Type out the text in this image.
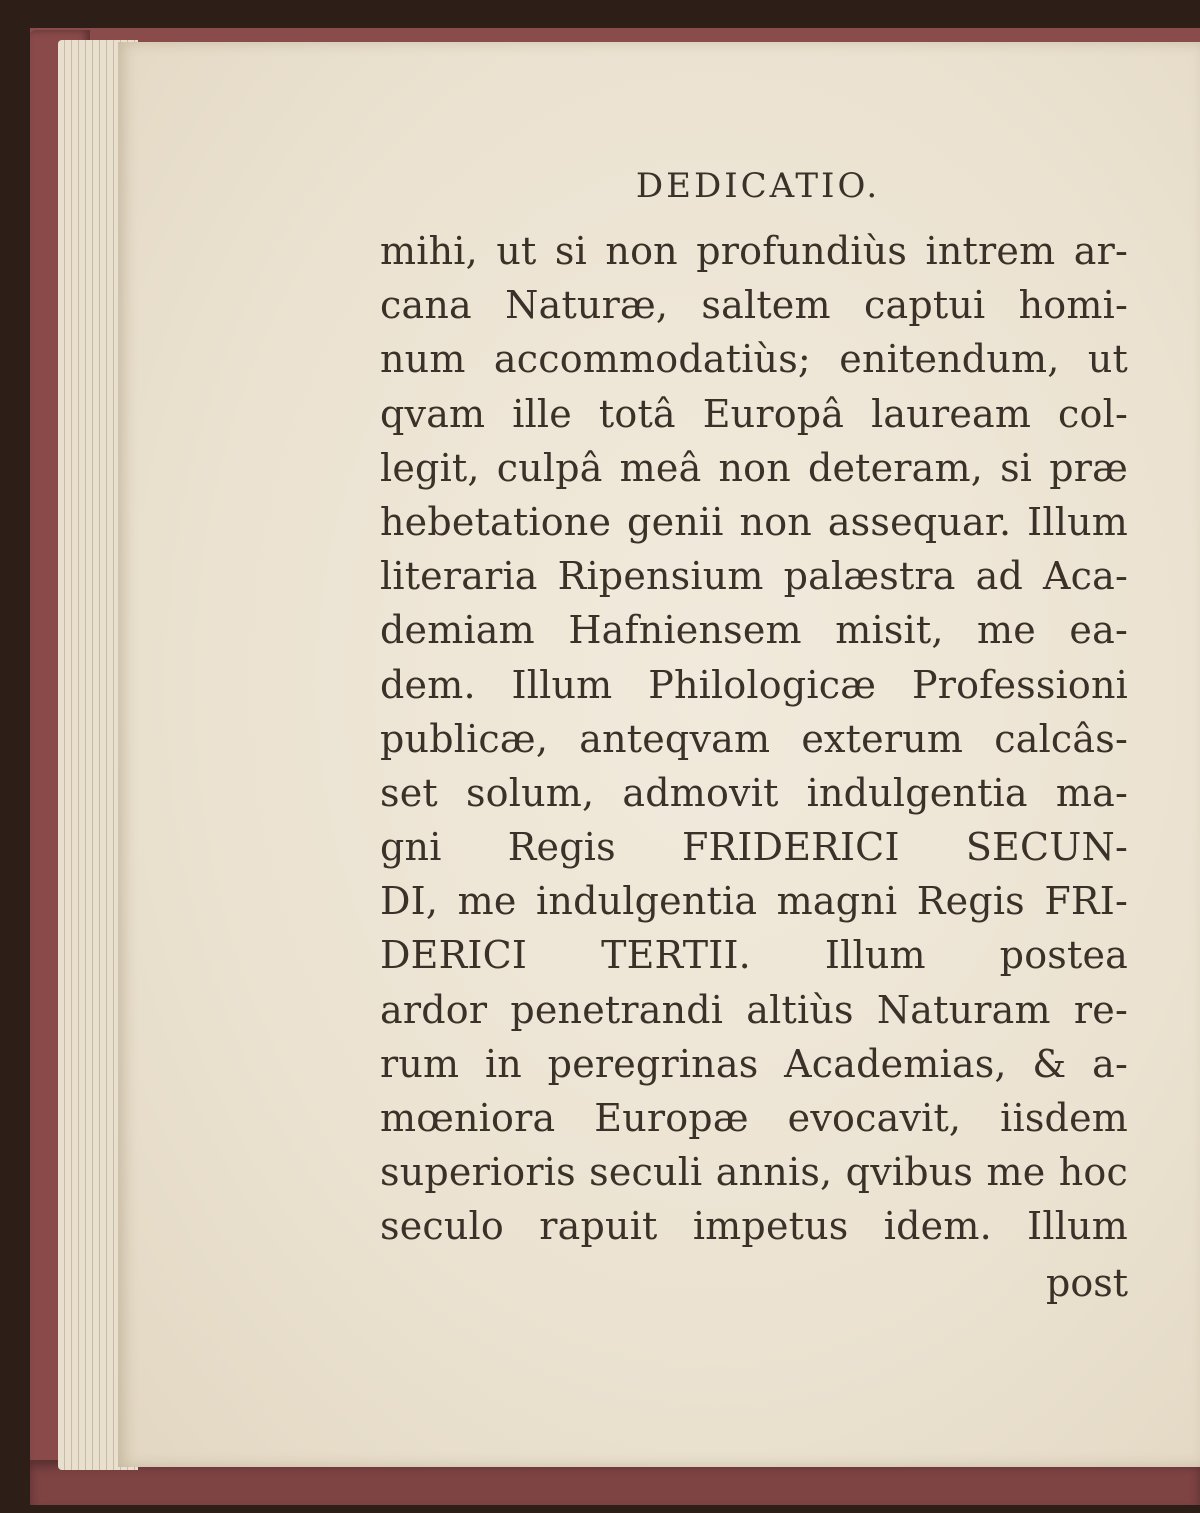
DEDICATIO.
mihi, ut si non profundiùs intrem ar-
cana Naturæ, saltem captui homi-
num accommodatiùs; enitendum, ut
qvam ille totâ Europâ lauream col-
legit, culpâ meâ non deteram, si præ
hebetatione genii non assequar. Illum
literaria Ripensium palæstra ad Aca-
demiam Hafniensem misit, me ea-
dem. Illum Philologicæ Professioni
publicæ, anteqvam exterum calcâs-
set solum, admovit indulgentia ma-
gni Regis FRIDERICI SECUN-
DI, me indulgentia magni Regis FRI-
DERICI TERTII. Illum postea
ardor penetrandi altiùs Naturam re-
rum in peregrinas Academias, & a-
mœniora Europæ evocavit, iisdem
superioris seculi annis, qvibus me hoc
seculo rapuit impetus idem. Illum
post
